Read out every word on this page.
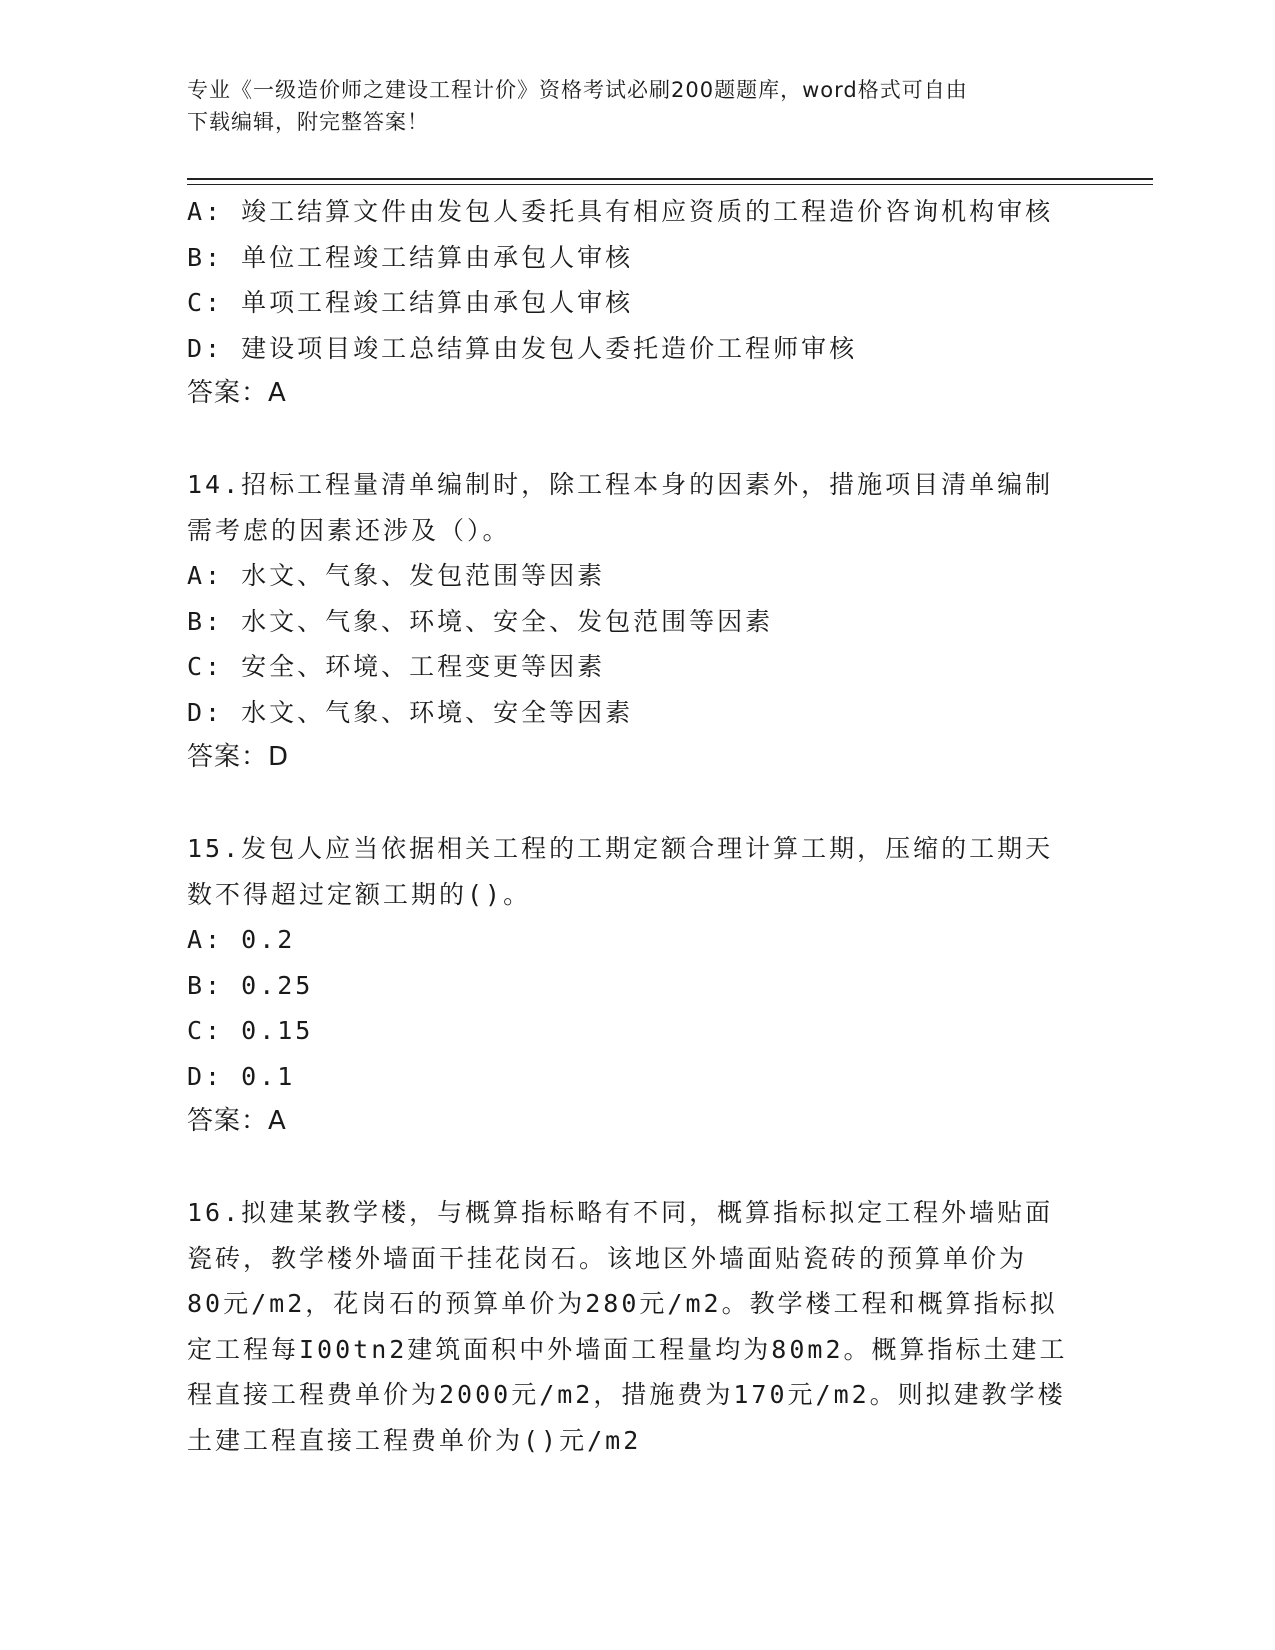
专业《一级造价师之建设工程计价》资格考试必刷200题题库，word格式可自由
下载编辑，附完整答案！
A: 竣工结算文件由发包人委托具有相应资质的工程造价咨询机构审核
B: 单位工程竣工结算由承包人审核
C: 单项工程竣工结算由承包人审核
D: 建设项目竣工总结算由发包人委托造价工程师审核
答案：A
14.招标工程量清单编制时，除工程本身的因素外，措施项目清单编制
需考虑的因素还涉及（）。
A: 水文、气象、发包范围等因素
B: 水文、气象、环境、安全、发包范围等因素
C: 安全、环境、工程变更等因素
D: 水文、气象、环境、安全等因素
答案：D
15.发包人应当依据相关工程的工期定额合理计算工期，压缩的工期天
数不得超过定额工期的()。
A: 0.2
B: 0.25
C: 0.15
D: 0.1
答案：A
16.拟建某教学楼，与概算指标略有不同，概算指标拟定工程外墙贴面
瓷砖，教学楼外墙面干挂花岗石。该地区外墙面贴瓷砖的预算单价为
80元/m2，花岗石的预算单价为280元/m2。教学楼工程和概算指标拟
定工程每I00tn2建筑面积中外墙面工程量均为80m2。概算指标土建工
程直接工程费单价为2000元/m2，措施费为170元/m2。则拟建教学楼
土建工程直接工程费单价为()元/m2
